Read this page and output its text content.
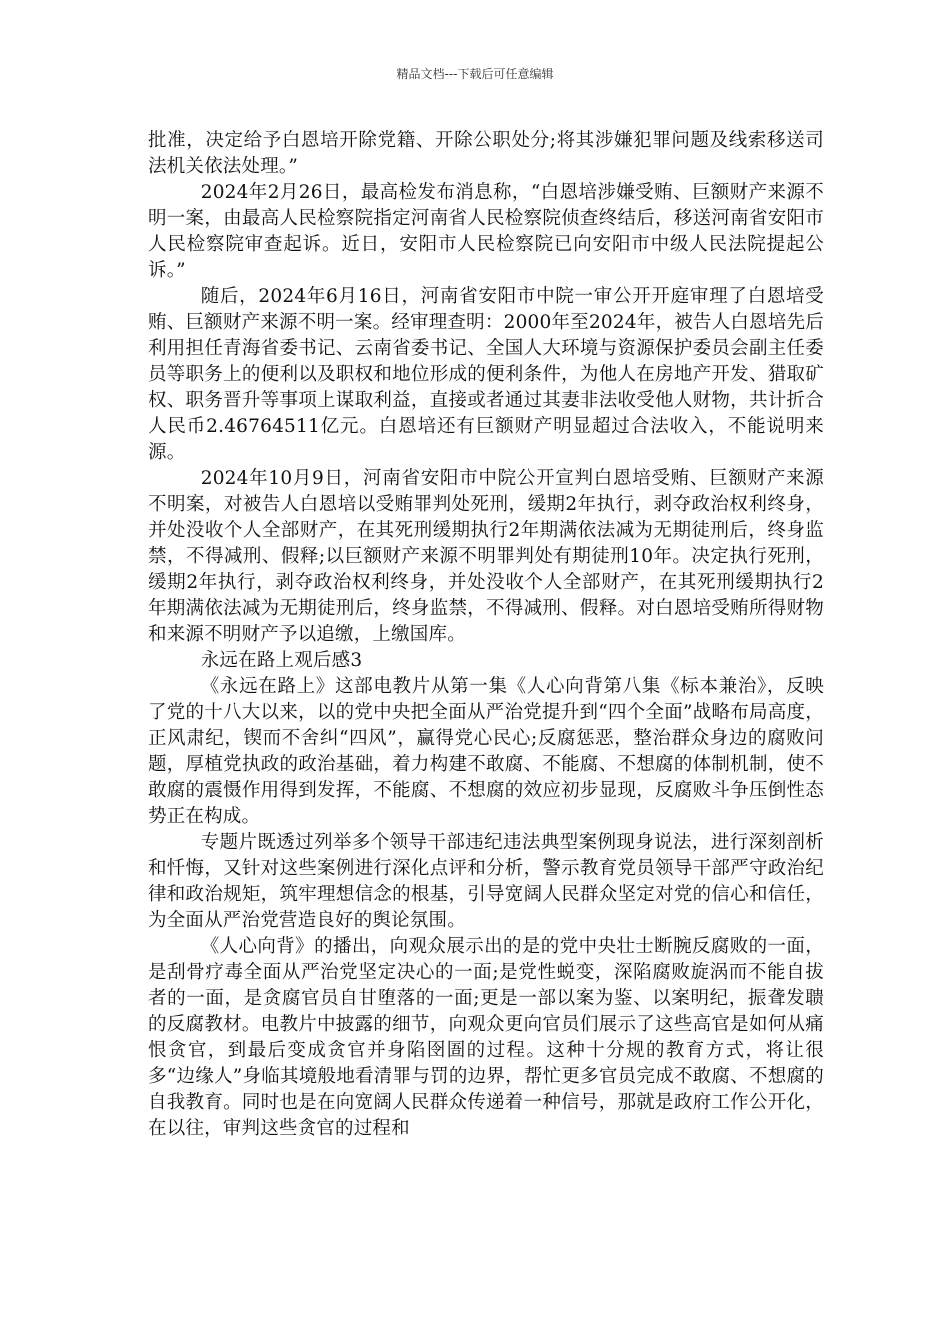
精品文档---下载后可任意编辑

批准，决定给予白恩培开除党籍、开除公职处分;将其涉嫌犯罪问题及线索移送司法机关依法处理。”

2024年2月26日，最高检发布消息称，“白恩培涉嫌受贿、巨额财产来源不明一案，由最高人民检察院指定河南省人民检察院侦查终结后，移送河南省安阳市人民检察院审查起诉。近日，安阳市人民检察院已向安阳市中级人民法院提起公诉。”

随后，2024年6月16日，河南省安阳市中院一审公开开庭审理了白恩培受贿、巨额财产来源不明一案。经审理查明：2000年至2024年，被告人白恩培先后利用担任青海省委书记、云南省委书记、全国人大环境与资源保护委员会副主任委员等职务上的便利以及职权和地位形成的便利条件，为他人在房地产开发、猎取矿权、职务晋升等事项上谋取利益，直接或者通过其妻非法收受他人财物，共计折合人民币2.46764511亿元。白恩培还有巨额财产明显超过合法收入，不能说明来源。

2024年10月9日，河南省安阳市中院公开宣判白恩培受贿、巨额财产来源不明案，对被告人白恩培以受贿罪判处死刑，缓期2年执行，剥夺政治权利终身，并处没收个人全部财产，在其死刑缓期执行2年期满依法减为无期徒刑后，终身监禁，不得减刑、假释;以巨额财产来源不明罪判处有期徒刑10年。决定执行死刑，缓期2年执行，剥夺政治权利终身，并处没收个人全部财产，在其死刑缓期执行2年期满依法减为无期徒刑后，终身监禁，不得减刑、假释。对白恩培受贿所得财物和来源不明财产予以追缴，上缴国库。

永远在路上观后感3

《永远在路上》这部电教片从第一集《人心向背第八集《标本兼治》，反映了党的十八大以来，以的党中央把全面从严治党提升到“四个全面”战略布局高度，正风肃纪，锲而不舍纠“四风”，赢得党心民心;反腐惩恶，整治群众身边的腐败问题，厚植党执政的政治基础，着力构建不敢腐、不能腐、不想腐的体制机制，使不敢腐的震慑作用得到发挥，不能腐、不想腐的效应初步显现，反腐败斗争压倒性态势正在构成。

专题片既透过列举多个领导干部违纪违法典型案例现身说法，进行深刻剖析和忏悔，又针对这些案例进行深化点评和分析，警示教育党员领导干部严守政治纪律和政治规矩，筑牢理想信念的根基，引导宽阔人民群众坚定对党的信心和信任，为全面从严治党营造良好的舆论氛围。

《人心向背》的播出，向观众展示出的是的党中央壮士断腕反腐败的一面，是刮骨疗毒全面从严治党坚定决心的一面;是党性蜕变，深陷腐败旋涡而不能自拔者的一面，是贪腐官员自甘堕落的一面;更是一部以案为鉴、以案明纪，振聋发聩的反腐教材。电教片中披露的细节，向观众更向官员们展示了这些高官是如何从痛恨贪官，到最后变成贪官并身陷囹圄的过程。这种十分规的教育方式，将让很多“边缘人”身临其境般地看清罪与罚的边界，帮忙更多官员完成不敢腐、不想腐的自我教育。同时也是在向宽阔人民群众传递着一种信号，那就是政府工作公开化，在以往，审判这些贪官的过程和
